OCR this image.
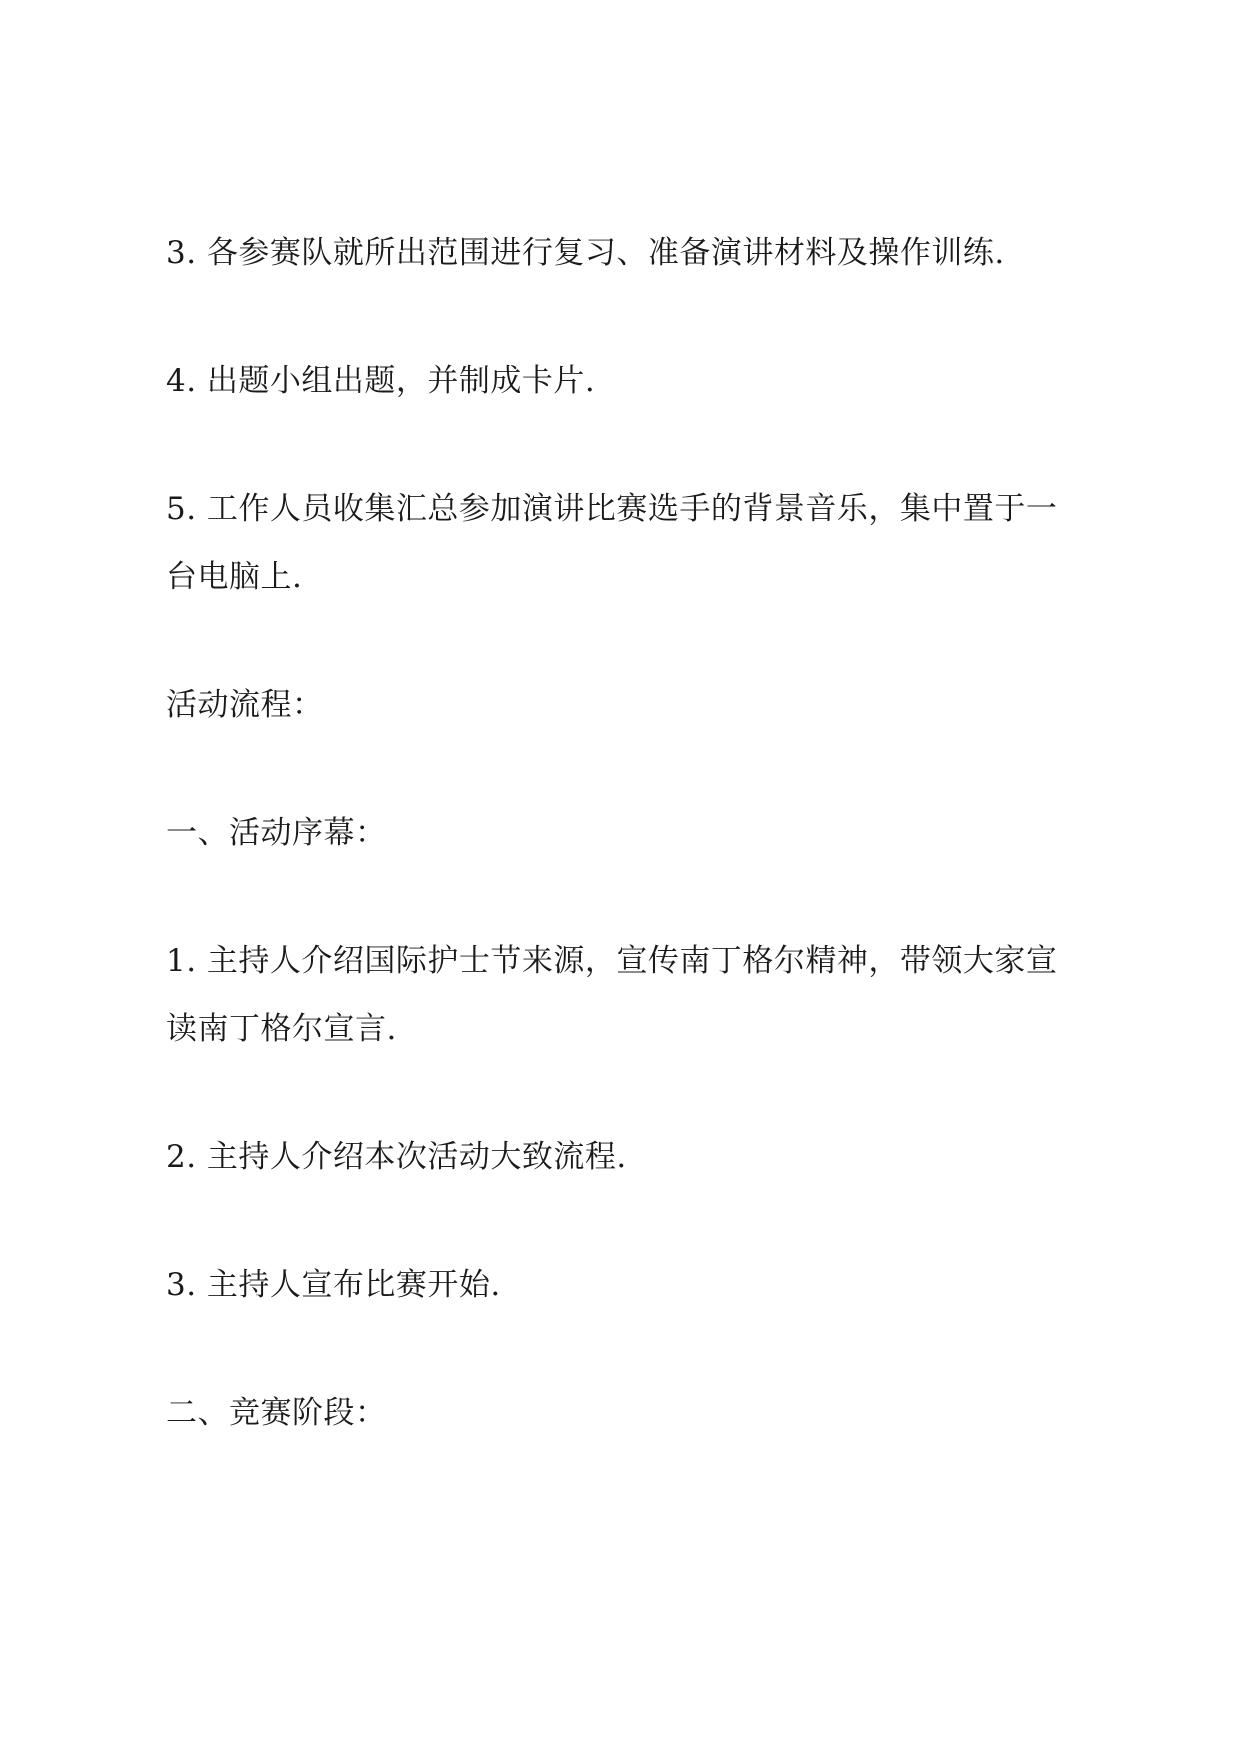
3. 各参赛队就所出范围进行复习、准备演讲材料及操作训练.

4. 出题小组出题，并制成卡片.

5. 工作人员收集汇总参加演讲比赛选手的背景音乐，集中置于一

台电脑上.

活动流程：

一、活动序幕：

1. 主持人介绍国际护士节来源，宣传南丁格尔精神，带领大家宣

读南丁格尔宣言.

2. 主持人介绍本次活动大致流程.

3. 主持人宣布比赛开始.

二、竞赛阶段：
